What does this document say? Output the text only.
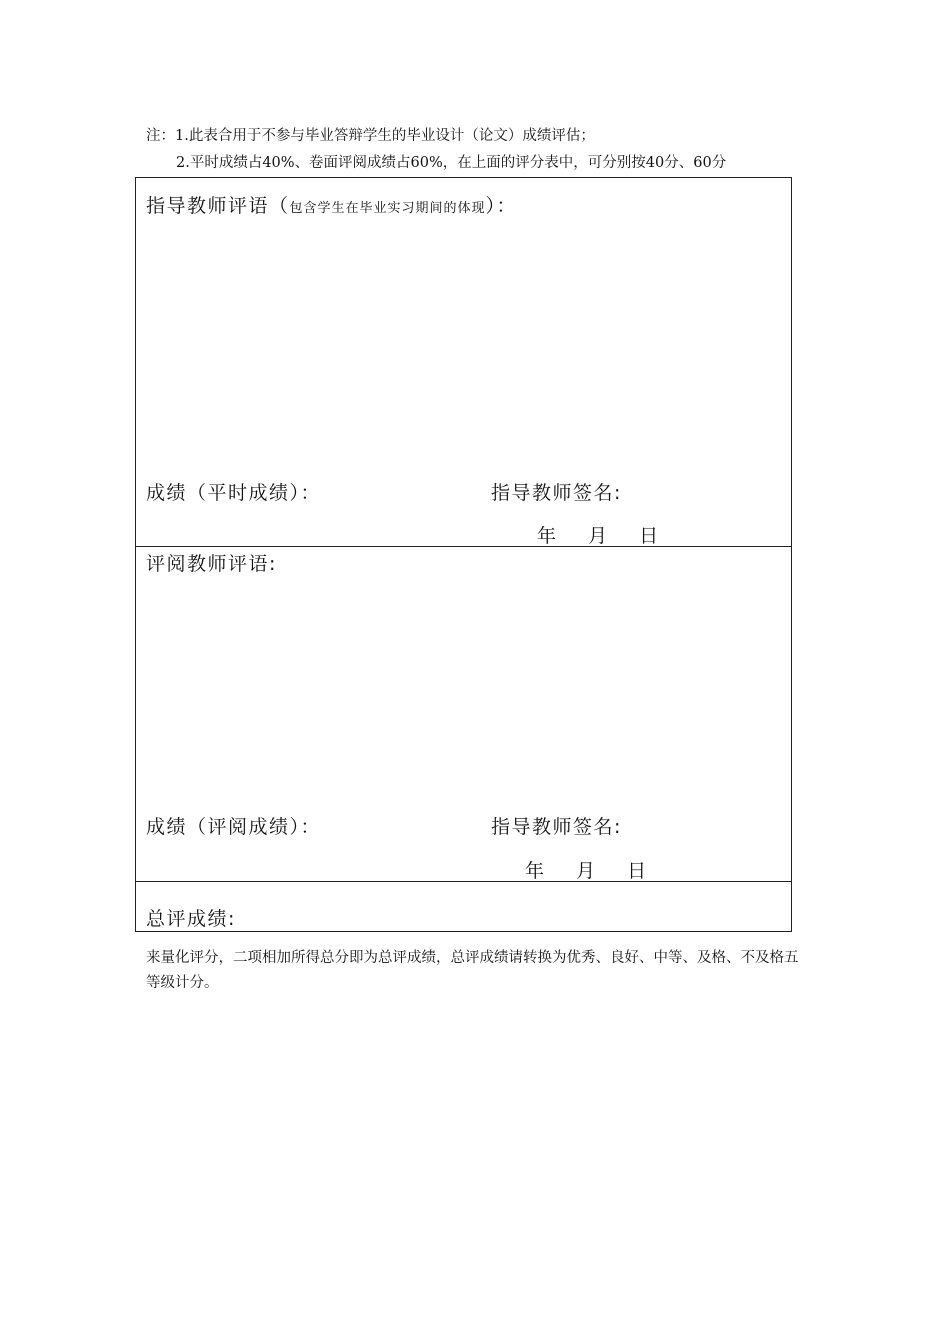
注：1.此表合用于不参与毕业答辩学生的毕业设计（论文）成绩评估；
2.平时成绩占40%、卷面评阅成绩占60%，在上面的评分表中，可分别按40分、60分
指导教师评语（包含学生在毕业实习期间的体现）：
成绩（平时成绩）：	指导教师签名:
年 月 日
评阅教师评语:
成绩（评阅成绩）：	指导教师签名:
年 月 日
总评成绩:
来量化评分，二项相加所得总分即为总评成绩，总评成绩请转换为优秀、良好、中等、及格、不及格五等级计分。
